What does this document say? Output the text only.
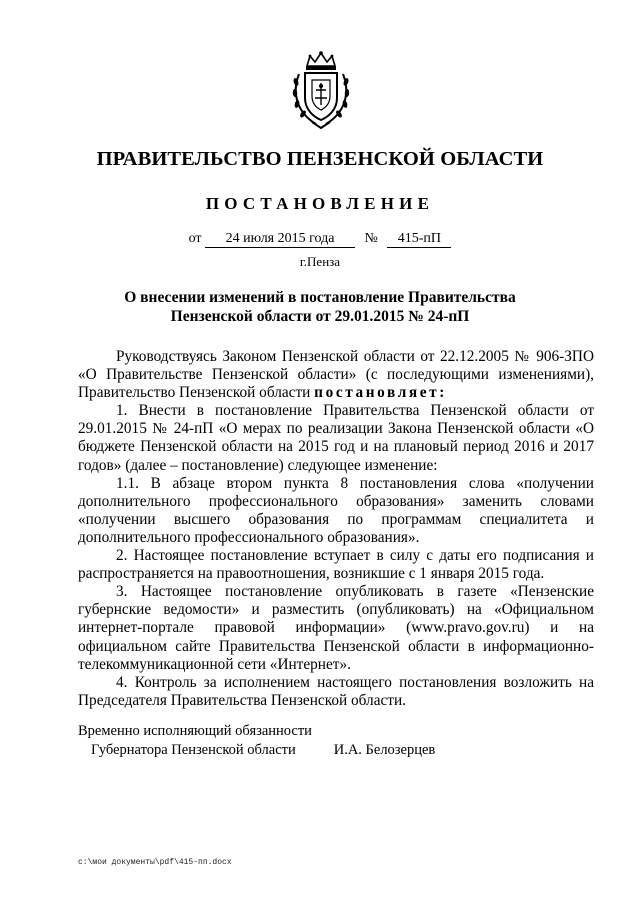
ПРАВИТЕЛЬСТВО ПЕНЗЕНСКОЙ ОБЛАСТИ
ПОСТАНОВЛЕНИЕ
от 24 июля 2015 года № 415-пП
г.Пенза
О внесении изменений в постановление Правительства
Пензенской области от 29.01.2015 № 24-пП

Руководствуясь Законом Пензенской области от 22.12.2005 № 906-ЗПО «О Правительстве Пензенской области» (с последующими изменениями), Правительство Пензенской области постановляет:

1. Внести в постановление Правительства Пензенской области от 29.01.2015 № 24-пП «О мерах по реализации Закона Пензенской области «О бюджете Пензенской области на 2015 год и на плановый период 2016 и 2017 годов» (далее – постановление) следующее изменение:

1.1. В абзаце втором пункта 8 постановления слова «получении дополнительного профессионального образования» заменить словами «получении высшего образования по программам специалитета и дополнительного профессионального образования».

2. Настоящее постановление вступает в силу с даты его подписания и распространяется на правоотношения, возникшие с 1 января 2015 года.

3. Настоящее постановление опубликовать в газете «Пензенские губернские ведомости» и разместить (опубликовать) на «Официальном интернет-портале правовой информации» (www.pravo.gov.ru) и на официальном сайте Правительства Пензенской области в информационно-телекоммуникационной сети «Интернет».

4. Контроль за исполнением настоящего постановления возложить на Председателя Правительства Пензенской области.

Временно исполняющий обязанности
Губернатора Пензенской области	И.А. Белозерцев
c:\мои документы\pdf\415-пп.docx
